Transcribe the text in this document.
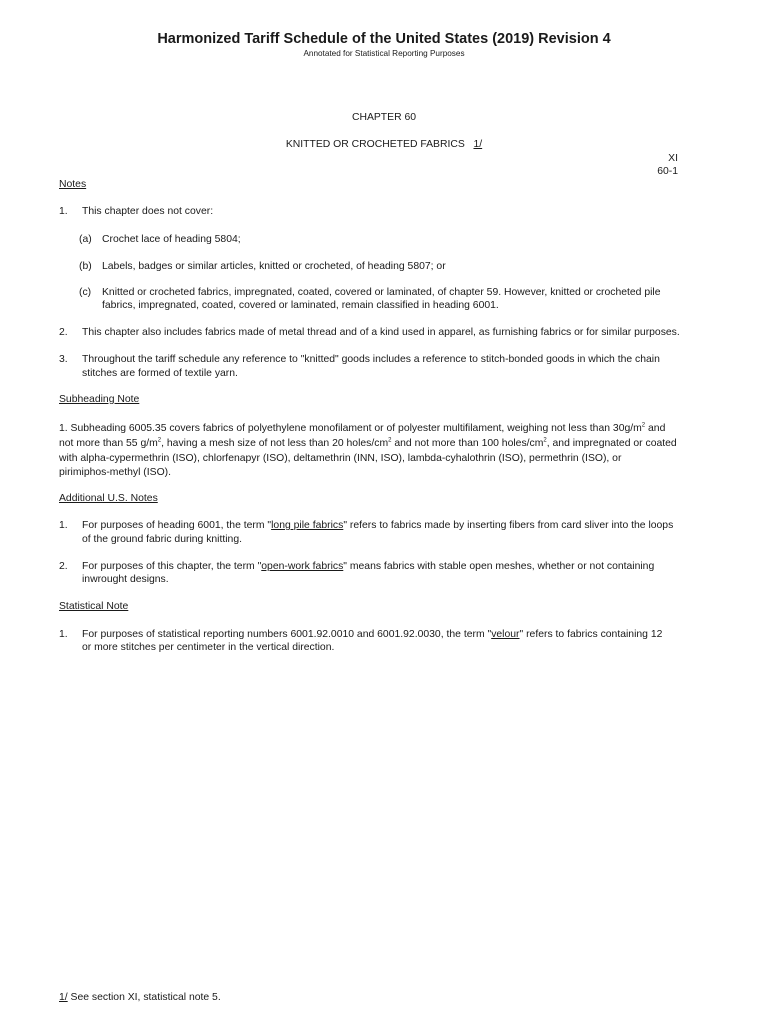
Harmonized Tariff Schedule of the United States (2019) Revision 4
Annotated for Statistical Reporting Purposes
CHAPTER 60
KNITTED OR CROCHETED FABRICS 1/
XI
60-1
Notes
1. This chapter does not cover:
(a) Crochet lace of heading 5804;
(b) Labels, badges or similar articles, knitted or crocheted, of heading 5807; or
(c) Knitted or crocheted fabrics, impregnated, coated, covered or laminated, of chapter 59. However, knitted or crocheted pile
fabrics, impregnated, coated, covered or laminated, remain classified in heading 6001.
2. This chapter also includes fabrics made of metal thread and of a kind used in apparel, as furnishing fabrics or for similar purposes.
3. Throughout the tariff schedule any reference to "knitted" goods includes a reference to stitch-bonded goods in which the chain
stitches are formed of textile yarn.
Subheading Note
1. Subheading 6005.35 covers fabrics of polyethylene monofilament or of polyester multifilament, weighing not less than $30g/m^2$ and
not more than 55 $g/m^2$, having a mesh size of not less than 20 holes/$cm^2$ and not more than 100 holes/$cm^2$, and impregnated or coated
with alpha-cypermethrin (ISO), chlorfenapyr (ISO), deltamethrin (INN, ISO), lambda-cyhalothrin (ISO), permethrin (ISO), or
pirimiphos-methyl (ISO).
Additional U.S. Notes
1. For purposes of heading 6001, the term "long pile fabrics" refers to fabrics made by inserting fibers from card sliver into the loops
of the ground fabric during knitting.
2. For purposes of this chapter, the term "open-work fabrics" means fabrics with stable open meshes, whether or not containing
inwrought designs.
Statistical Note
1. For purposes of statistical reporting numbers 6001.92.0010 and 6001.92.0030, the term "velour" refers to fabrics containing 12
or more stitches per centimeter in the vertical direction.
1/ See section XI, statistical note 5.
